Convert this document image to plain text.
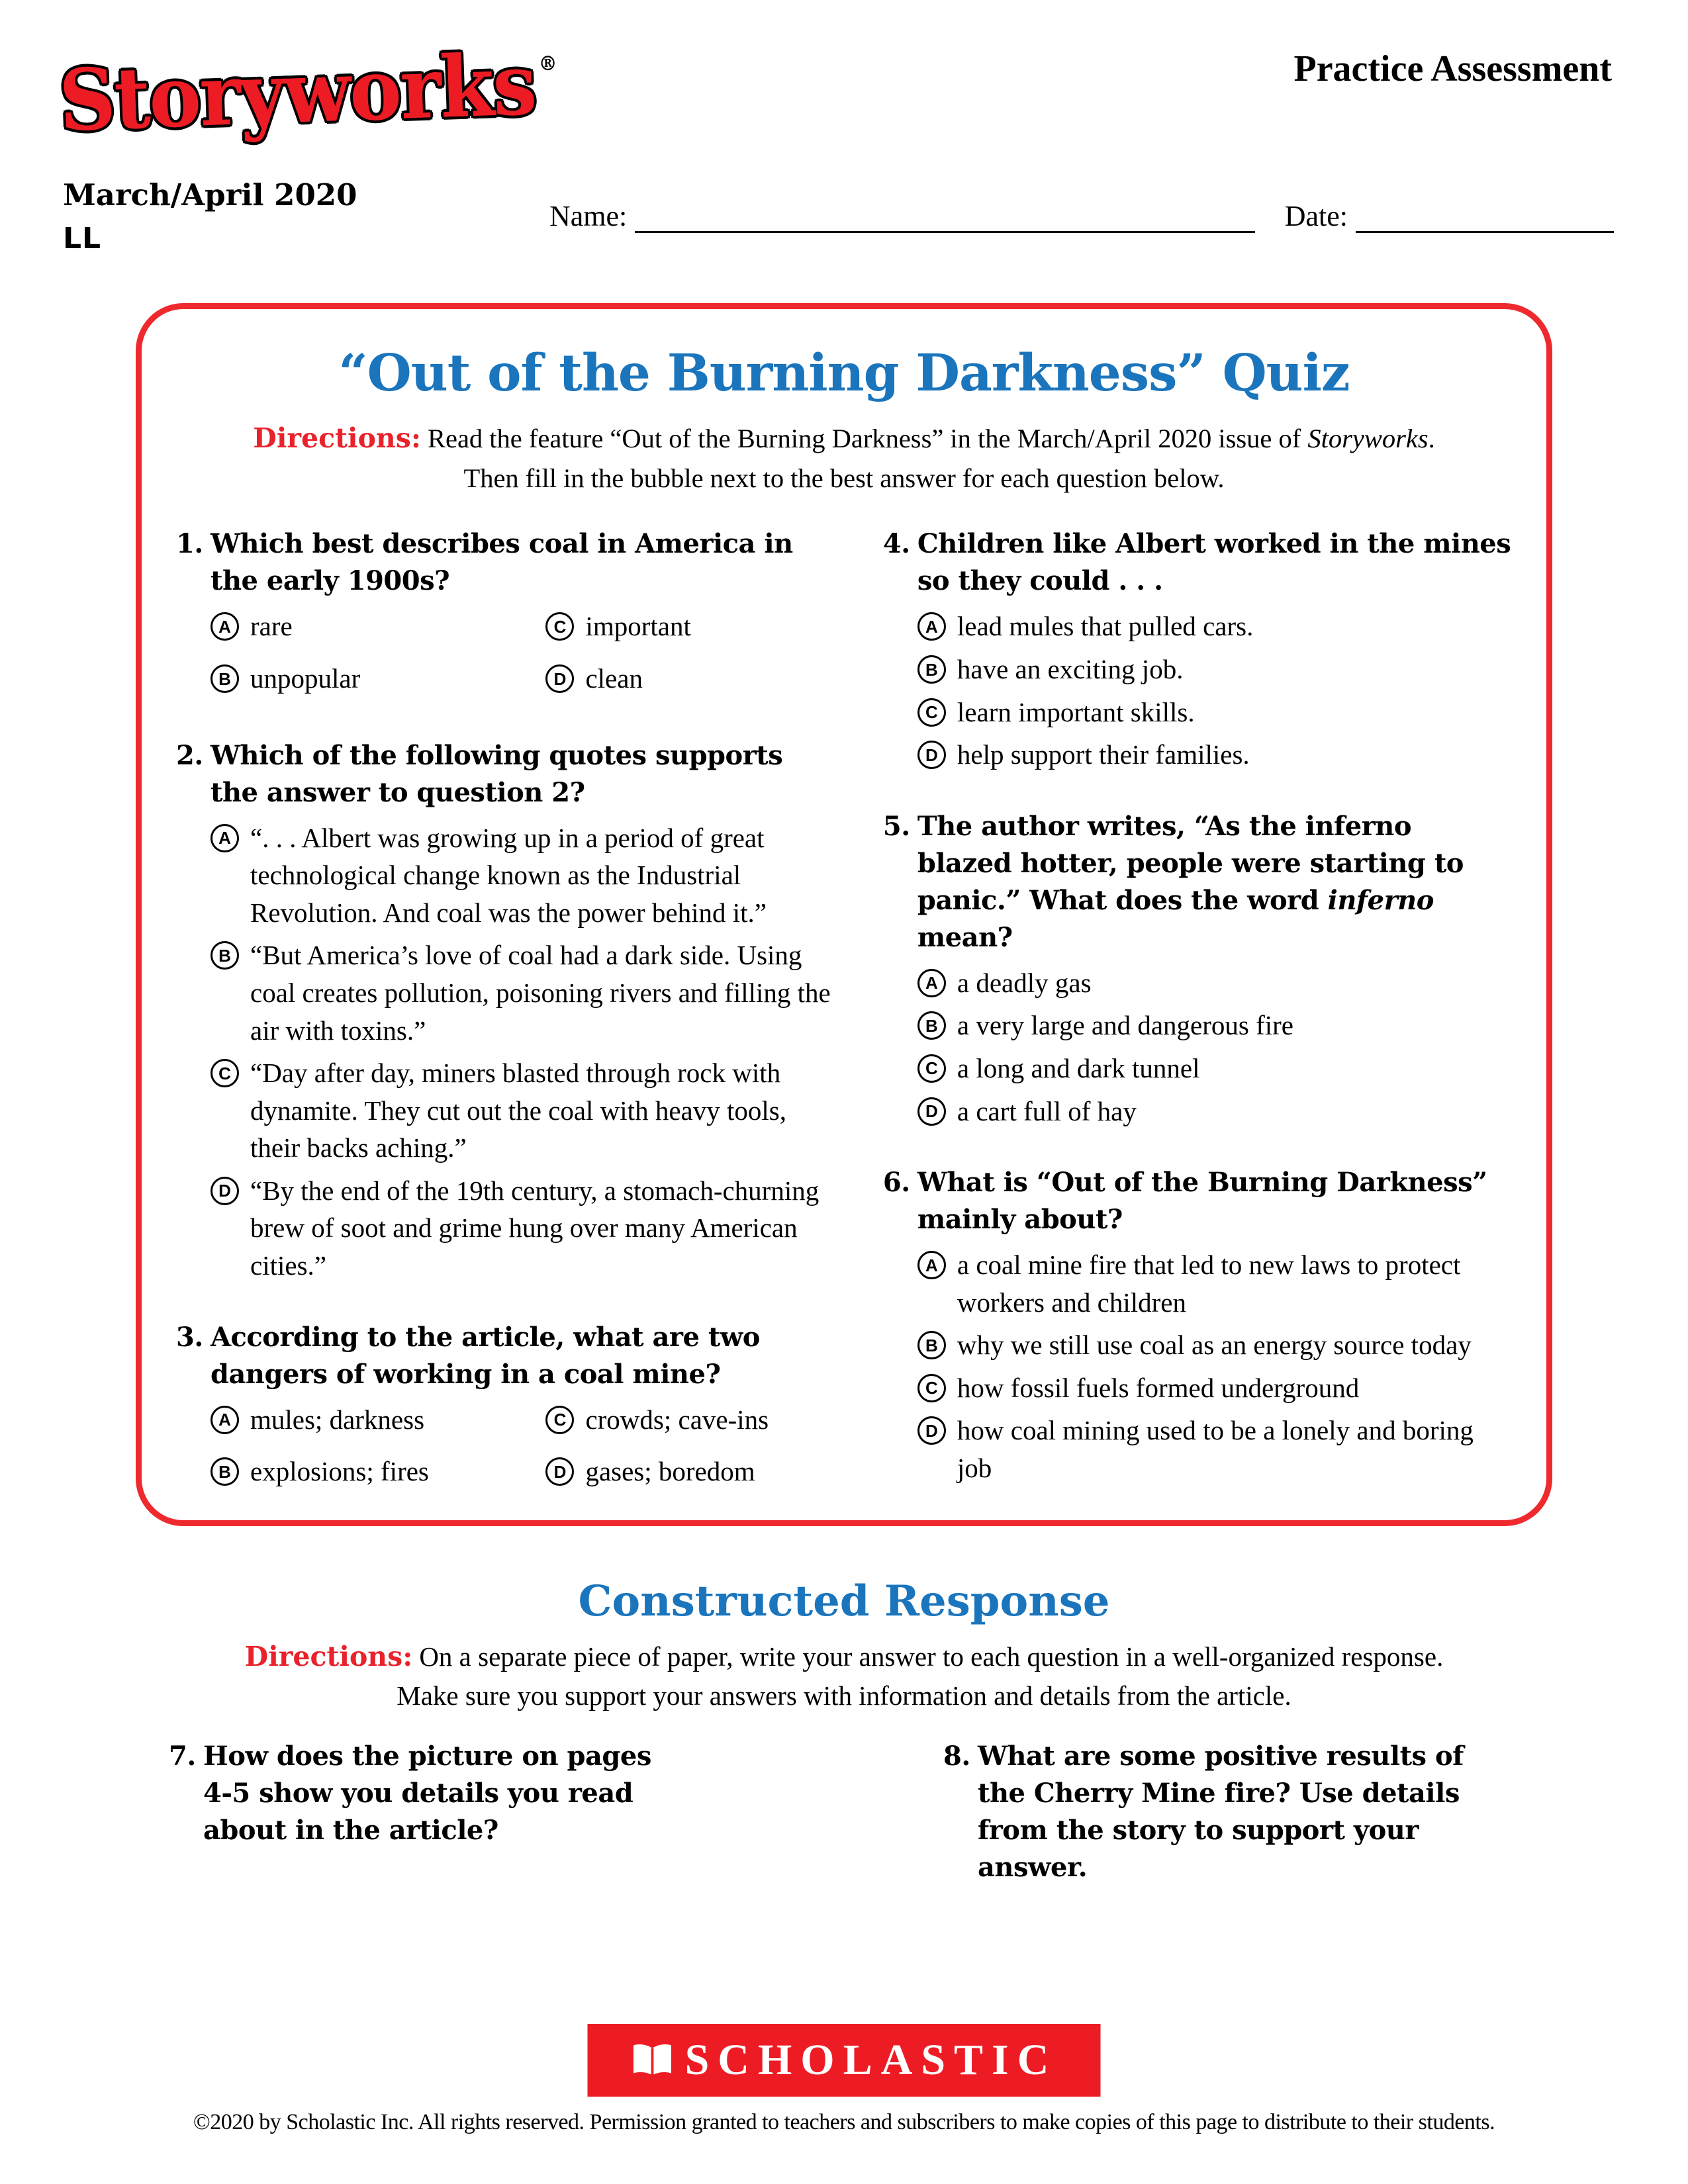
Storyworks®
March/April 2020
LL
Practice Assessment
Name:	Date:
“Out of the Burning Darkness” Quiz
Directions: Read the feature “Out of the Burning Darkness” in the March/April 2020 issue of Storyworks.
Then fill in the bubble next to the best answer for each question below.
1. Which best describes coal in America in the early 1900s?
A rare	C important
B unpopular	D clean
2. Which of the following quotes supports the answer to question 2?
A “. . . Albert was growing up in a period of great technological change known as the Industrial Revolution. And coal was the power behind it.”
B “But America’s love of coal had a dark side. Using coal creates pollution, poisoning rivers and filling the air with toxins.”
C “Day after day, miners blasted through rock with dynamite. They cut out the coal with heavy tools, their backs aching.”
D “By the end of the 19th century, a stomach-churning brew of soot and grime hung over many American cities.”
3. According to the article, what are two dangers of working in a coal mine?
A mules; darkness	C crowds; cave-ins
B explosions; fires	D gases; boredom
4. Children like Albert worked in the mines so they could . . .
A lead mules that pulled cars.
B have an exciting job.
C learn important skills.
D help support their families.
5. The author writes, “As the inferno blazed hotter, people were starting to panic.” What does the word inferno mean?
A a deadly gas
B a very large and dangerous fire
C a long and dark tunnel
D a cart full of hay
6. What is “Out of the Burning Darkness” mainly about?
A a coal mine fire that led to new laws to protect workers and children
B why we still use coal as an energy source today
C how fossil fuels formed underground
D how coal mining used to be a lonely and boring job
Constructed Response
Directions: On a separate piece of paper, write your answer to each question in a well-organized response.
Make sure you support your answers with information and details from the article.
7. How does the picture on pages 4-5 show you details you read about in the article?
8. What are some positive results of the Cherry Mine fire? Use details from the story to support your answer.
SCHOLASTIC
©2020 by Scholastic Inc. All rights reserved. Permission granted to teachers and subscribers to make copies of this page to distribute to their students.
